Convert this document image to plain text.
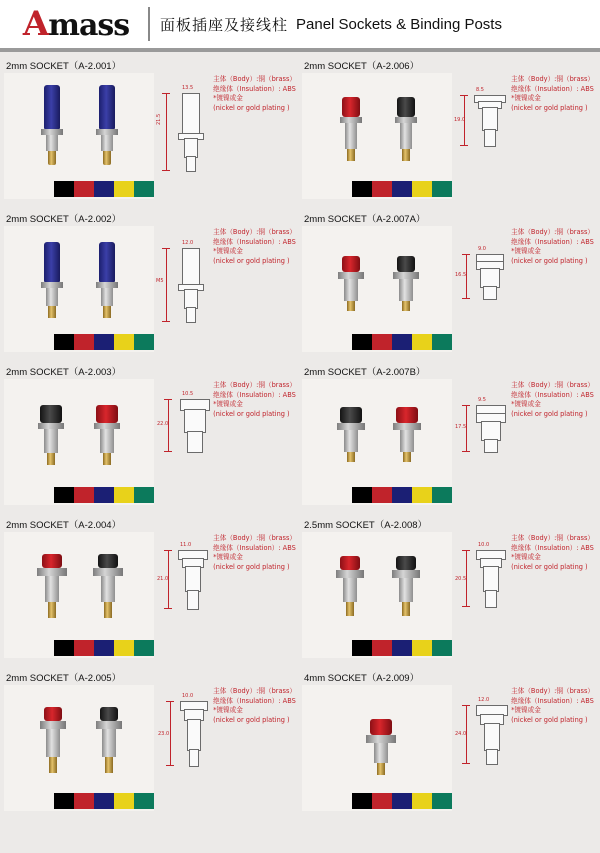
Amass 面板插座及接线柱 Panel Sockets & Binding Posts
2mm SOCKET（A-2.001）
21.5
13.5
主体（Body）:铜（brass）
绝缘体（Insulation）: ABS
*镀镍或金
(nickel or gold plating )
2mm SOCKET（A-2.006）
8.5
19.0
主体（Body）:铜（brass）
绝缘体（Insulation）: ABS
*镀镍或金
(nickel or gold plating )
2mm SOCKET（A-2.002）
12.0
M5
主体（Body）:铜（brass）
绝缘体（Insulation）: ABS
*镀镍或金
(nickel or gold plating )
2mm SOCKET（A-2.007A）
9.0
16.5
主体（Body）:铜（brass）
绝缘体（Insulation）: ABS
*镀镍或金
(nickel or gold plating )
2mm SOCKET（A-2.003）
10.5
22.0
主体（Body）:铜（brass）
绝缘体（Insulation）: ABS
*镀镍或金
(nickel or gold plating )
2mm SOCKET（A-2.007B）
9.5
17.5
主体（Body）:铜（brass）
绝缘体（Insulation）: ABS
*镀镍或金
(nickel or gold plating )
2mm SOCKET（A-2.004）
11.0
21.0
主体（Body）:铜（brass）
绝缘体（Insulation）: ABS
*镀镍或金
(nickel or gold plating )
2.5mm SOCKET（A-2.008）
10.0
20.5
主体（Body）:铜（brass）
绝缘体（Insulation）: ABS
*镀镍或金
(nickel or gold plating )
2mm SOCKET（A-2.005）
10.0
23.0
主体（Body）:铜（brass）
绝缘体（Insulation）: ABS
*镀镍或金
(nickel or gold plating )
4mm SOCKET（A-2.009）
12.0
24.0
主体（Body）:铜（brass）
绝缘体（Insulation）: ABS
*镀镍或金
(nickel or gold plating )
